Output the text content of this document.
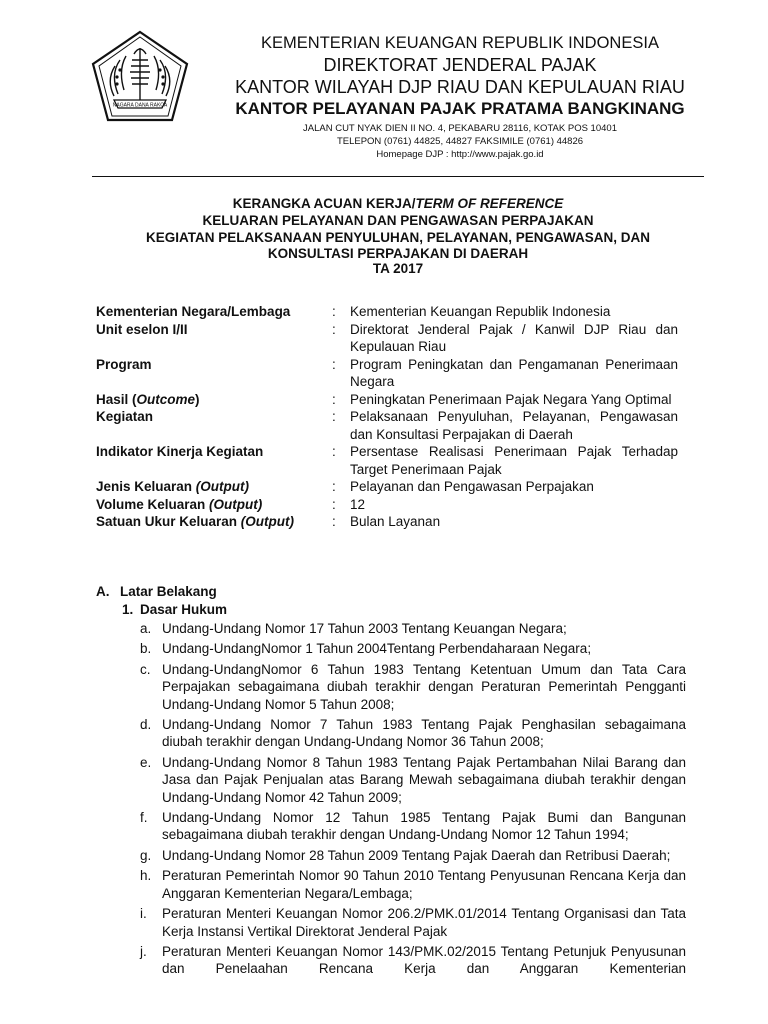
NAGARA DANA RAKCA
KEMENTERIAN KEUANGAN REPUBLIK INDONESIA
DIREKTORAT JENDERAL PAJAK
KANTOR WILAYAH DJP RIAU DAN KEPULAUAN RIAU
KANTOR PELAYANAN PAJAK PRATAMA BANGKINANG
JALAN CUT NYAK DIEN II NO. 4, PEKABARU 28116, KOTAK POS 10401
TELEPON (0761) 44825, 44827 FAKSIMILE (0761) 44826
Homepage DJP : http://www.pajak.go.id
KERANGKA ACUAN KERJA/TERM OF REFERENCE
KELUARAN PELAYANAN DAN PENGAWASAN PERPAJAKAN
KEGIATAN PELAKSANAAN PENYULUHAN, PELAYANAN, PENGAWASAN, DAN
KONSULTASI PERPAJAKAN DI DAERAH
TA 2017
Kementerian Negara/Lembaga	:	Kementerian Keuangan Republik Indonesia
Unit eselon I/II	:	Direktorat Jenderal Pajak / Kanwil DJP Riau dan Kepulauan Riau
Program	:	Program Peningkatan dan Pengamanan Penerimaan Negara
Hasil (Outcome)	:	Peningkatan Penerimaan Pajak Negara Yang Optimal
Kegiatan	:	Pelaksanaan Penyuluhan, Pelayanan, Pengawasan dan Konsultasi Perpajakan di Daerah
Indikator Kinerja Kegiatan	:	Persentase Realisasi Penerimaan Pajak Terhadap Target Penerimaan Pajak
Jenis Keluaran (Output)	:	Pelayanan dan Pengawasan Perpajakan
Volume Keluaran (Output)	:	12
Satuan Ukur Keluaran (Output)	:	Bulan Layanan
A. Latar Belakang
1. Dasar Hukum
a. Undang-Undang Nomor 17 Tahun 2003 Tentang Keuangan Negara;
b. Undang-UndangNomor 1 Tahun 2004Tentang Perbendaharaan Negara;
c. Undang-UndangNomor 6 Tahun 1983 Tentang Ketentuan Umum dan Tata Cara Perpajakan sebagaimana diubah terakhir dengan Peraturan Pemerintah Pengganti Undang-Undang Nomor 5 Tahun 2008;
d. Undang-Undang Nomor 7 Tahun 1983 Tentang Pajak Penghasilan sebagaimana diubah terakhir dengan Undang-Undang Nomor 36 Tahun 2008;
e. Undang-Undang Nomor 8 Tahun 1983 Tentang Pajak Pertambahan Nilai Barang dan Jasa dan Pajak Penjualan atas Barang Mewah sebagaimana diubah terakhir dengan Undang-Undang Nomor 42 Tahun 2009;
f.	Undang-Undang Nomor 12 Tahun 1985 Tentang Pajak Bumi dan Bangunan sebagaimana diubah terakhir dengan Undang-Undang Nomor 12 Tahun 1994;
g. Undang-Undang Nomor 28 Tahun 2009 Tentang Pajak Daerah dan Retribusi Daerah;
h. Peraturan Pemerintah Nomor 90 Tahun 2010 Tentang Penyusunan Rencana Kerja dan Anggaran Kementerian Negara/Lembaga;
i.	Peraturan Menteri Keuangan Nomor 206.2/PMK.01/2014 Tentang Organisasi dan Tata Kerja Instansi Vertikal Direktorat Jenderal Pajak
j.	Peraturan Menteri Keuangan Nomor 143/PMK.02/2015 Tentang Petunjuk Penyusunan dan Penelaahan Rencana Kerja dan Anggaran Kementerian
